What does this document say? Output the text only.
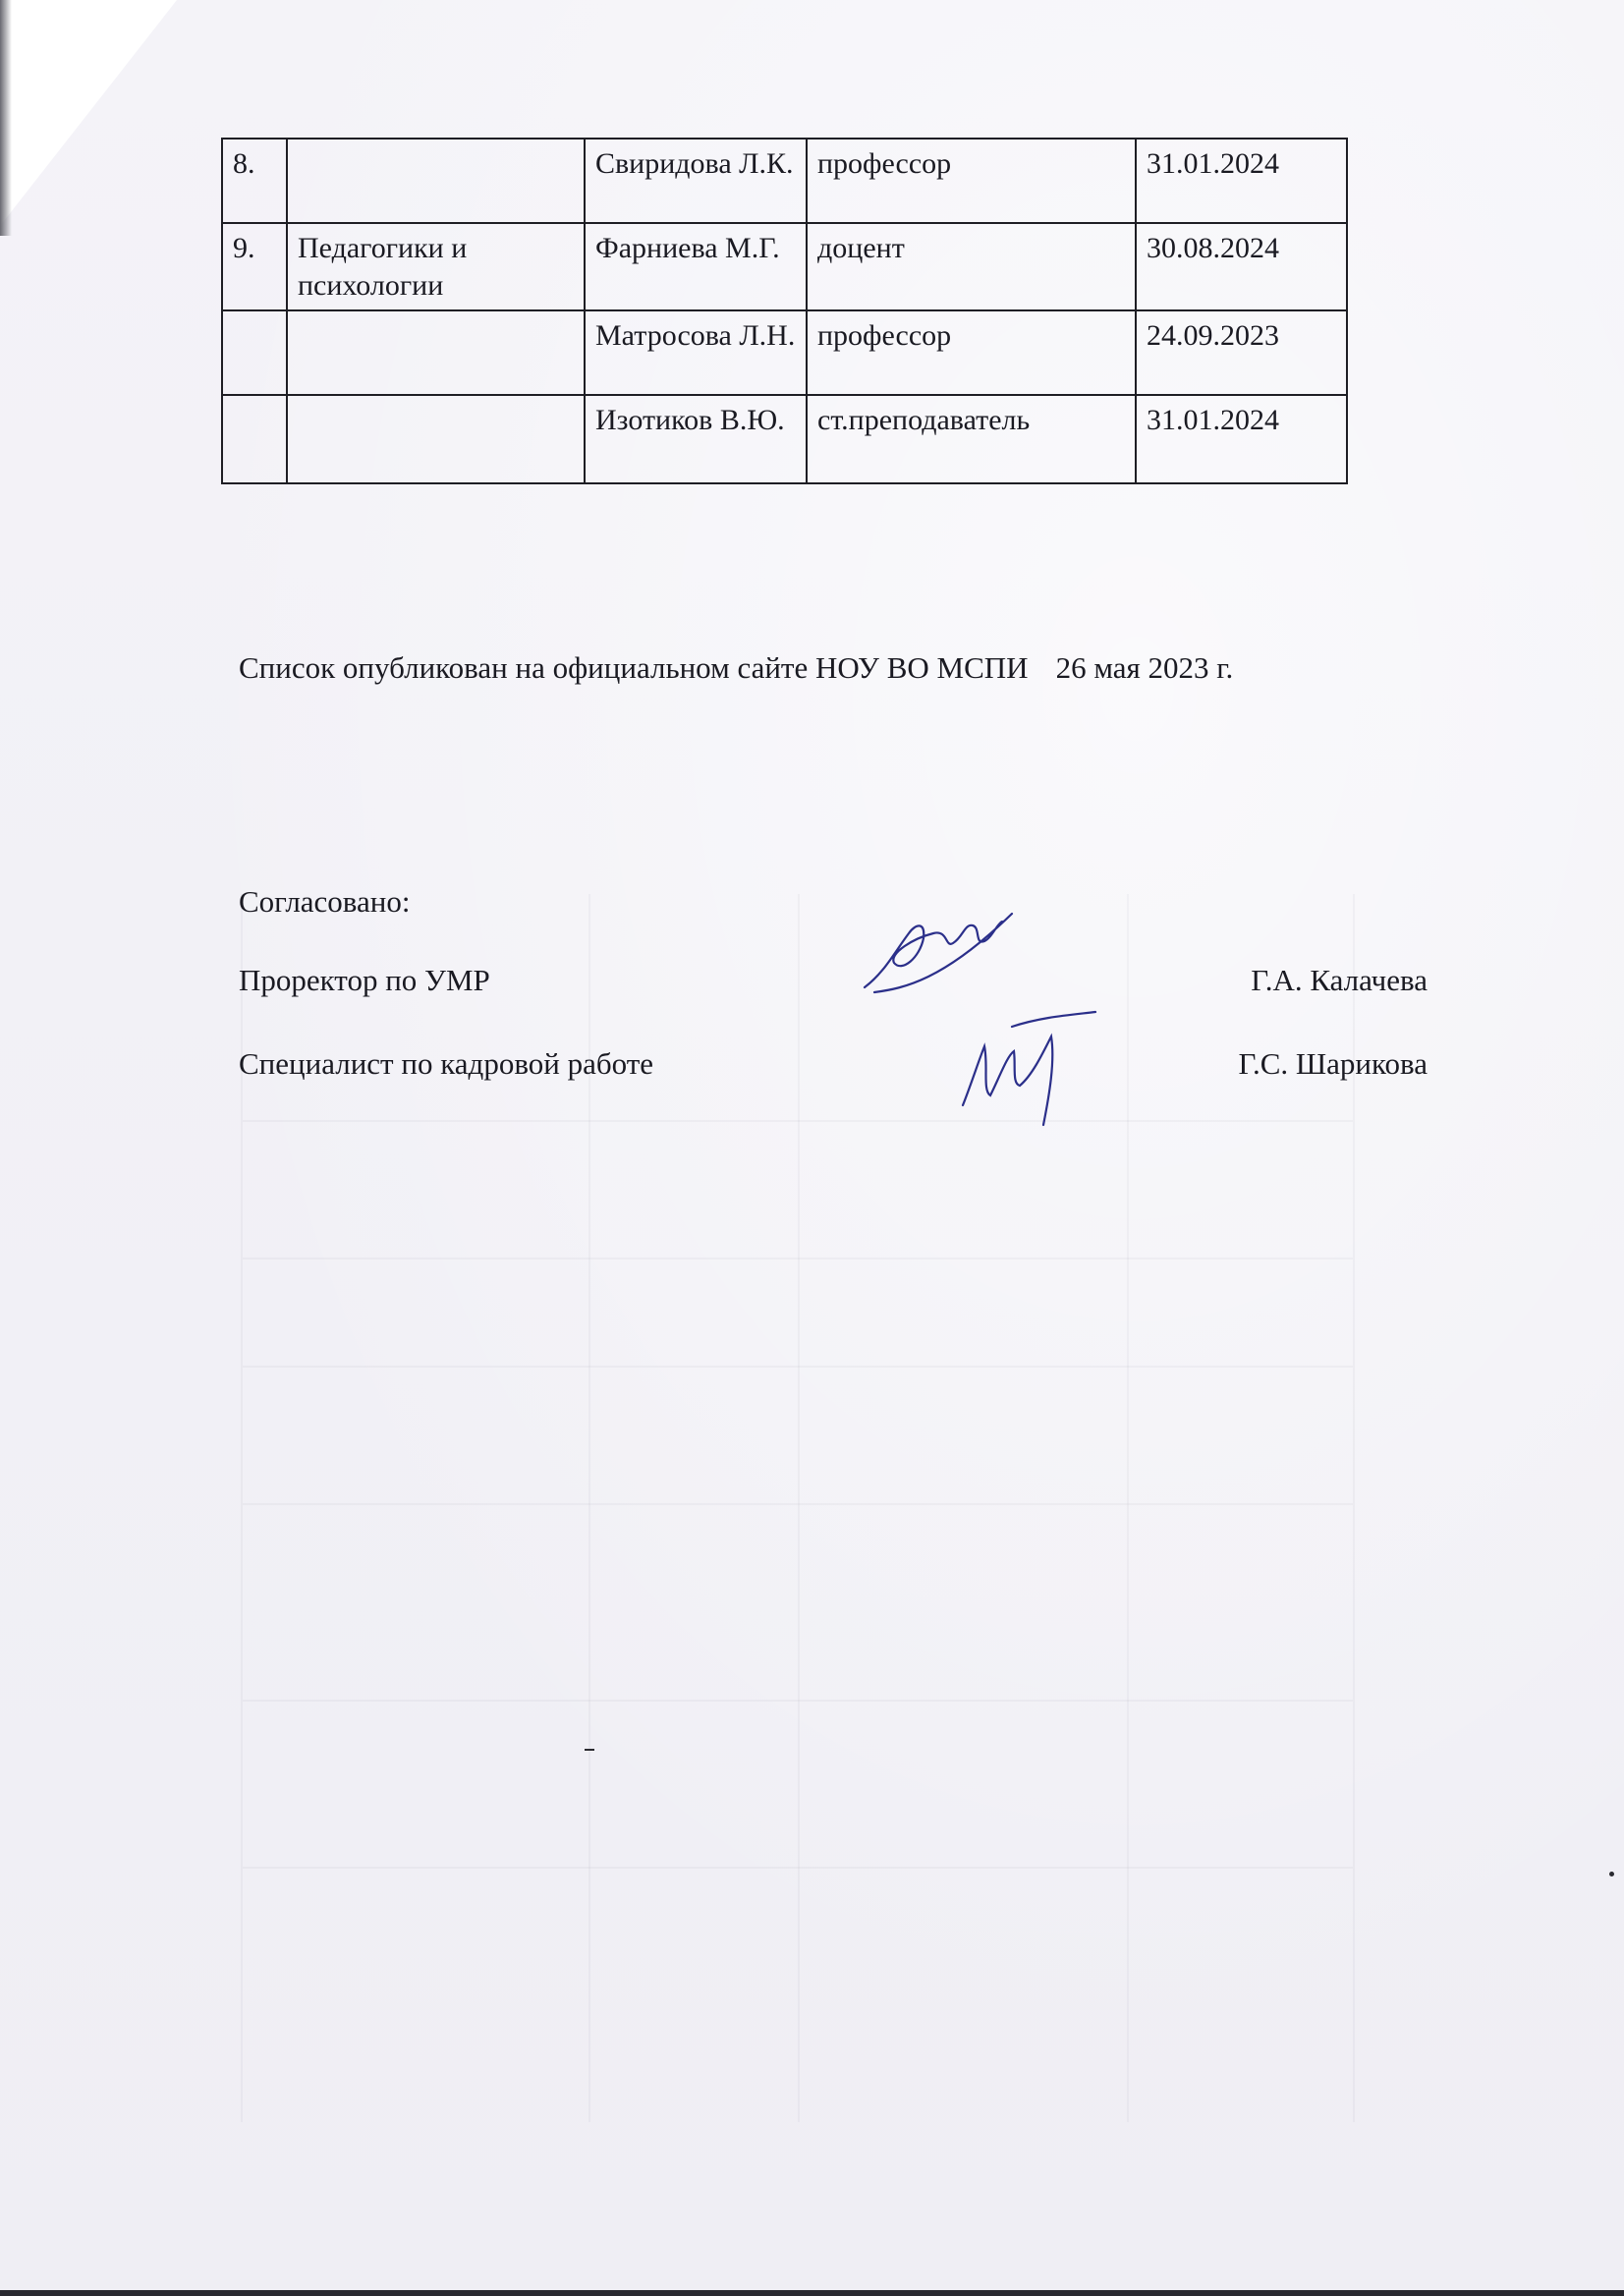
8.		Свиридова Л.К.	профессор	31.01.2024
9.	Педагогики и психологии	Фарниева М.Г.	доцент	30.08.2024
		Матросова Л.Н.	профессор	24.09.2023
		Изотиков В.Ю.	ст.преподаватель	31.01.2024
Список опубликован на официальном сайте НОУ ВО МСПИ 26 мая 2023 г.
Согласовано:
Проректор по УМР	Г.А. Калачева
Специалист по кадровой работе	Г.С. Шарикова
